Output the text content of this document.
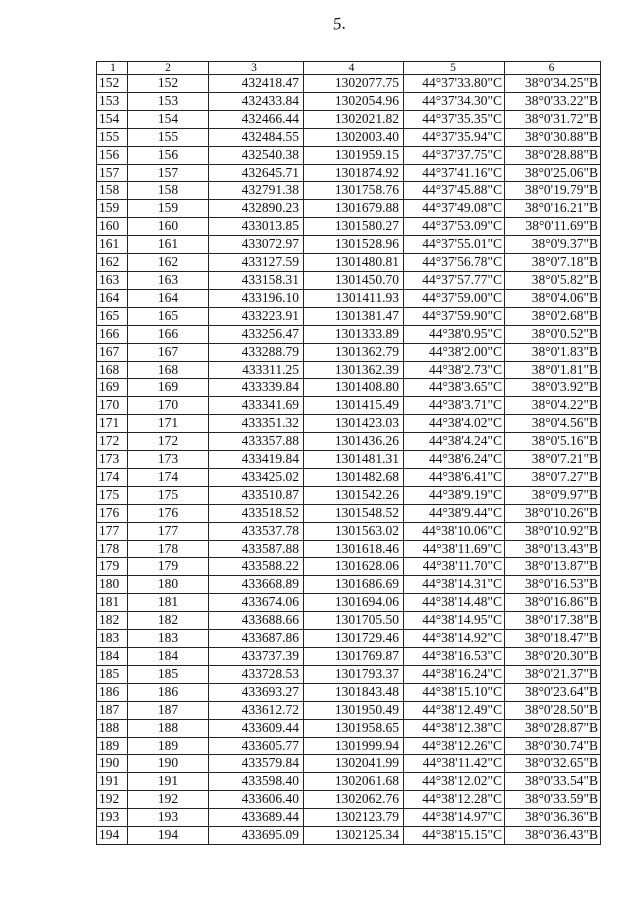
5.
1	2	3	4	5	6
152	152	432418.47	1302077.75	44°37'33.80"C	38°0'34.25"B
153	153	432433.84	1302054.96	44°37'34.30"C	38°0'33.22"B
154	154	432466.44	1302021.82	44°37'35.35"C	38°0'31.72"B
155	155	432484.55	1302003.40	44°37'35.94"C	38°0'30.88"B
156	156	432540.38	1301959.15	44°37'37.75"C	38°0'28.88"B
157	157	432645.71	1301874.92	44°37'41.16"C	38°0'25.06"B
158	158	432791.38	1301758.76	44°37'45.88"C	38°0'19.79"B
159	159	432890.23	1301679.88	44°37'49.08"C	38°0'16.21"B
160	160	433013.85	1301580.27	44°37'53.09"C	38°0'11.69"B
161	161	433072.97	1301528.96	44°37'55.01"C	38°0'9.37"B
162	162	433127.59	1301480.81	44°37'56.78"C	38°0'7.18"B
163	163	433158.31	1301450.70	44°37'57.77"C	38°0'5.82"B
164	164	433196.10	1301411.93	44°37'59.00"C	38°0'4.06"B
165	165	433223.91	1301381.47	44°37'59.90"C	38°0'2.68"B
166	166	433256.47	1301333.89	44°38'0.95"C	38°0'0.52"B
167	167	433288.79	1301362.79	44°38'2.00"C	38°0'1.83"B
168	168	433311.25	1301362.39	44°38'2.73"C	38°0'1.81"B
169	169	433339.84	1301408.80	44°38'3.65"C	38°0'3.92"B
170	170	433341.69	1301415.49	44°38'3.71"C	38°0'4.22"B
171	171	433351.32	1301423.03	44°38'4.02"C	38°0'4.56"B
172	172	433357.88	1301436.26	44°38'4.24"C	38°0'5.16"B
173	173	433419.84	1301481.31	44°38'6.24"C	38°0'7.21"B
174	174	433425.02	1301482.68	44°38'6.41"C	38°0'7.27"B
175	175	433510.87	1301542.26	44°38'9.19"C	38°0'9.97"B
176	176	433518.52	1301548.52	44°38'9.44"C	38°0'10.26"B
177	177	433537.78	1301563.02	44°38'10.06"C	38°0'10.92"B
178	178	433587.88	1301618.46	44°38'11.69"C	38°0'13.43"B
179	179	433588.22	1301628.06	44°38'11.70"C	38°0'13.87"B
180	180	433668.89	1301686.69	44°38'14.31"C	38°0'16.53"B
181	181	433674.06	1301694.06	44°38'14.48"C	38°0'16.86"B
182	182	433688.66	1301705.50	44°38'14.95"C	38°0'17.38"B
183	183	433687.86	1301729.46	44°38'14.92"C	38°0'18.47"B
184	184	433737.39	1301769.87	44°38'16.53"C	38°0'20.30"B
185	185	433728.53	1301793.37	44°38'16.24"C	38°0'21.37"B
186	186	433693.27	1301843.48	44°38'15.10"C	38°0'23.64"B
187	187	433612.72	1301950.49	44°38'12.49"C	38°0'28.50"B
188	188	433609.44	1301958.65	44°38'12.38"C	38°0'28.87"B
189	189	433605.77	1301999.94	44°38'12.26"C	38°0'30.74"B
190	190	433579.84	1302041.99	44°38'11.42"C	38°0'32.65"B
191	191	433598.40	1302061.68	44°38'12.02"C	38°0'33.54"B
192	192	433606.40	1302062.76	44°38'12.28"C	38°0'33.59"B
193	193	433689.44	1302123.79	44°38'14.97"C	38°0'36.36"B
194	194	433695.09	1302125.34	44°38'15.15"C	38°0'36.43"B
